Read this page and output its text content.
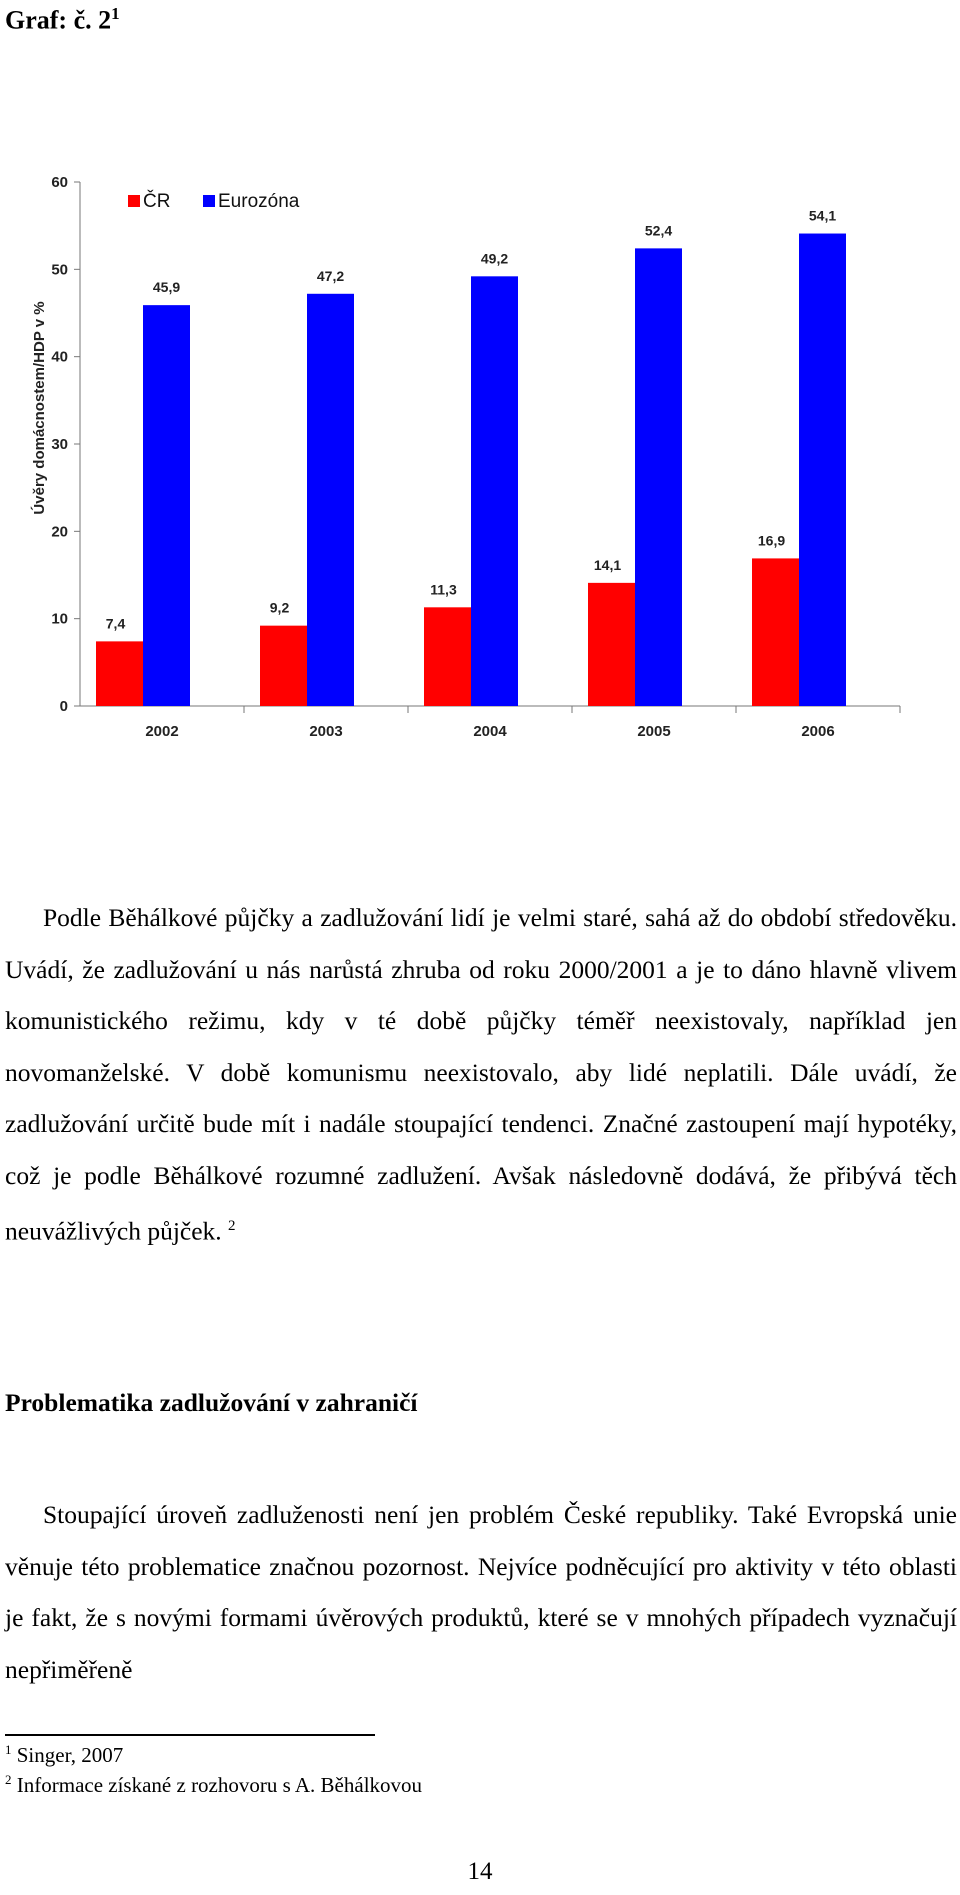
Graf: č. $2^1$
0
10
20
30
40
50
60
2002	2003	2004	2005	2006
7,4
9,2
11,3
14,1
16,9
45,9
47,2
49,2
52,4
54,1
ČR	Eurozóna
Úvěry domácnostem/HDP v %

Podle Běhálkové půjčky a zadlužování lidí je velmi staré, sahá až do období středověku. Uvádí, že zadlužování u nás narůstá zhruba od roku 2000/2001 a je to dáno hlavně vlivem komunistického režimu, kdy v té době půjčky téměř neexistovaly, například jen novomanželské. V době komunismu neexistovalo, aby lidé neplatili. Dále uvádí, že zadlužování určitě bude mít i nadále stoupající tendenci. Značné zastoupení mají hypotéky, což je podle Běhálkové rozumné zadlužení. Avšak následovně dodává, že přibývá těch neuvážlivých půjček. $^2$

Problematika zadlužování v zahraničí

Stoupající úroveň zadluženosti není jen problém České republiky. Také Evropská unie věnuje této problematice značnou pozornost. Nejvíce podněcující pro aktivity v této oblasti je fakt, že s novými formami úvěrových produktů, které se v mnohých případech vyznačují nepřiměřeně

$^1$ Singer, 2007

$^2$ Informace získané z rozhovoru s A. Běhálkovou

14
